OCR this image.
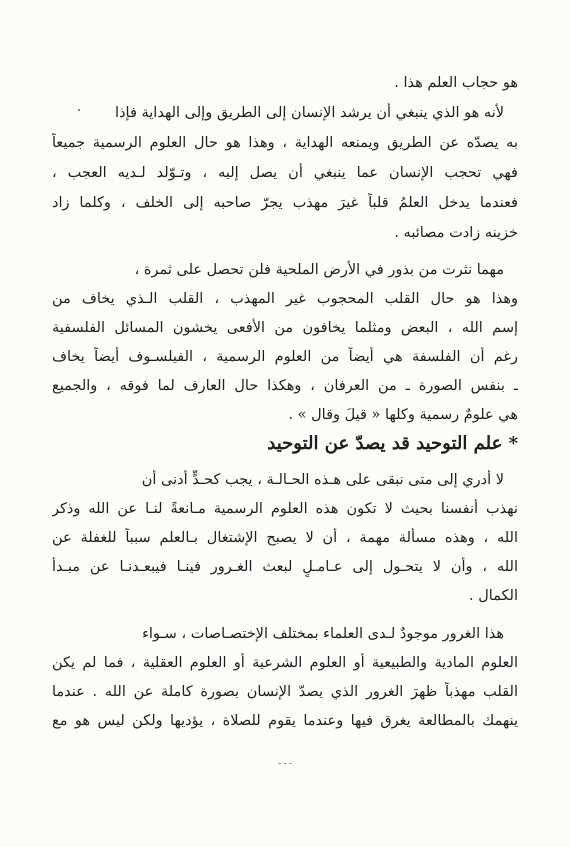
هو حجاب العلم هذا .
لأنه هو الذي ينبغي أن يرشد الإنسان إلى الطريق وإلى الهداية فإذا
به يصدّه عن الطريق ويمنعه الهداية ، وهذا هو حال العلوم الرسمية جميعاً
فهي تحجب الإنسان عما ينبغي أن يصل إليه ، وتـوّلد لـديه العجب ،
فعندما يدخل العلمُ قلباً غيرَ مهذب يجرّ صاحبه إلى الخلف ، وكلما زاد
خزينه زادت مصائبه .
مهما نثرت من بذور في الأرض الملحية فلن تحصل على ثمرة ،
وهذا هو حال القلب المحجوب غير المهذب ، القلب الـذي يخاف من
إسم الله ، البعض ومثلما يخافون من الأفعى يخشون المسائل الفلسفية
رغم أن الفلسفة هي أيضاً من العلوم الرسمية ، الفيلسـوف أيضاً يخاف
ـ بنفس الصورة ـ من العرفان ، وهكذا حال العارف لما فوقه ، والجميع
هي علومٌ رسمية وكلها « قيلَ وقال » .
* علم التوحيد قد يصدّ عن التوحيد
لا أدري إلى متى نبقى على هـذه الحـالـة ، يجب كحـدٍّ أدنى أن
نهذب أنفسنا بحيث لا تكون هذه العلوم الرسمية مـانعةً لنـا عن الله وذكر
الله ، وهذه مسألة مهمة ، أن لا يصبح الإشتغال بـالعلم سبباً للغفلة عن
الله ، وأن لا يتحـول إلى عـامـلٍ لبعث الغـرور فينـا فيبعـدنـا عن مبـدأ
الكمال .
هذا الغرور موجودٌ لـدى العلماء بمختلف الإختصـاصات ، سـواء
العلوم المادية والطبيعية أو العلوم الشرعية أو العلوم العقلية ، فما لم يكن
القلب مهذباً ظهرَ الغرور الذي يصدّ الإنسان بصورة كاملة عن الله . عندما
ينهمك بالمطالعة يغرق فيها وعندما يقوم للصلاة ، يؤديها ولكن ليس هو مع
ـ ـ ـ
